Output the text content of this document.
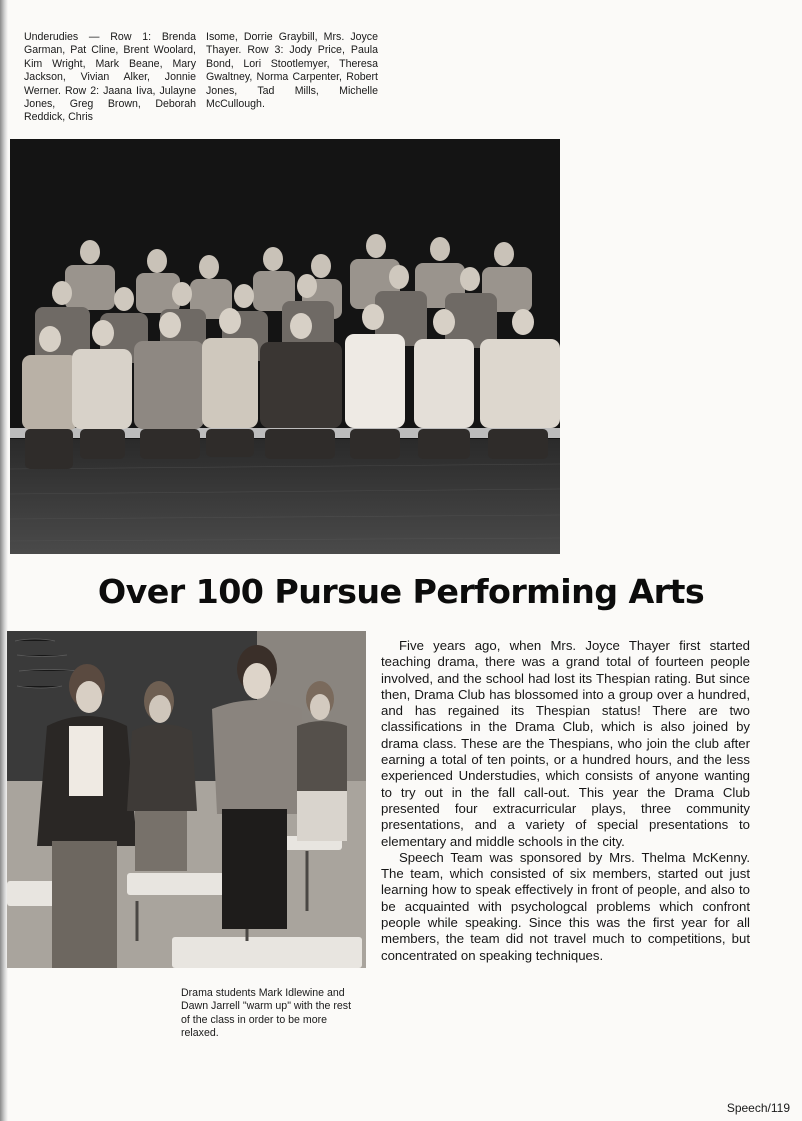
Underudies — Row 1: Brenda Garman, Pat Cline, Brent Woolard, Kim Wright, Mark Beane, Mary Jackson, Vivian Alker, Jonnie Werner. Row 2: Jaana Iiva, Julayne Jones, Greg Brown, Deborah Reddick, Chris
Isome, Dorrie Graybill, Mrs. Joyce Thayer. Row 3: Jody Price, Paula Bond, Lori Stootlemyer, Theresa Gwaltney, Norma Carpenter, Robert Jones, Tad Mills, Michelle McCullough.
Over 100 Pursue Performing Arts

Five years ago, when Mrs. Joyce Thayer first started teaching drama, there was a grand total of fourteen people involved, and the school had lost its Thespian rating. But since then, Drama Club has blossomed into a group over a hundred, and has regained its Thespian status! There are two classifications in the Drama Club, which is also joined by drama class. These are the Thespians, who join the club after earning a total of ten points, or a hundred hours, and the less experienced Understudies, which consists of anyone wanting to try out in the fall call-out. This year the Drama Club presented four extracurricular plays, three community presentations, and a variety of special presentations to elementary and middle schools in the city.

Speech Team was sponsored by Mrs. Thelma McKenny. The team, which consisted of six members, started out just learning how to speak effectively in front of people, and also to be acquainted with psychologcal problems which confront people while speaking. Since this was the first year for all members, the team did not travel much to competitions, but concentrated on speaking techniques.

Drama students Mark Idlewine and Dawn Jarrell "warm up" with the rest of the class in order to be more relaxed.
Speech/119
